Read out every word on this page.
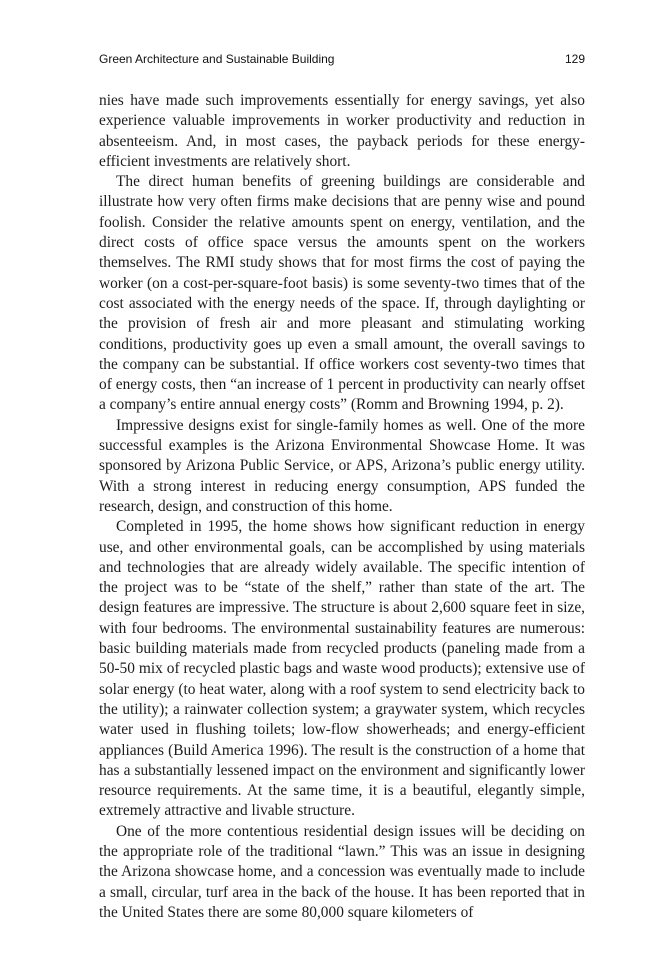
Green Architecture and Sustainable Building	129

nies have made such improvements essentially for energy savings, yet also experience valuable improvements in worker productivity and reduction in absenteeism. And, in most cases, the payback periods for these energy-efficient investments are relatively short.

The direct human benefits of greening buildings are considerable and illustrate how very often firms make decisions that are penny wise and pound foolish. Consider the relative amounts spent on energy, ventilation, and the direct costs of office space versus the amounts spent on the workers themselves. The RMI study shows that for most firms the cost of paying the worker (on a cost-per-square-foot basis) is some seventy-two times that of the cost associated with the energy needs of the space. If, through daylighting or the provision of fresh air and more pleasant and stimulating working conditions, productivity goes up even a small amount, the overall savings to the company can be substantial. If office workers cost seventy-two times that of energy costs, then “an increase of 1 percent in productivity can nearly offset a company’s entire annual energy costs” (Romm and Browning 1994, p. 2).

Impressive designs exist for single-family homes as well. One of the more successful examples is the Arizona Environmental Showcase Home. It was sponsored by Arizona Public Service, or APS, Arizona’s public energy utility. With a strong interest in reducing energy consumption, APS funded the research, design, and construction of this home.

Completed in 1995, the home shows how significant reduction in energy use, and other environmental goals, can be accomplished by using materials and technologies that are already widely available. The specific intention of the project was to be “state of the shelf,” rather than state of the art. The design features are impressive. The structure is about 2,600 square feet in size, with four bedrooms. The environmental sustainability features are numerous: basic building materials made from recycled products (paneling made from a 50-50 mix of recycled plastic bags and waste wood products); extensive use of solar energy (to heat water, along with a roof system to send electricity back to the utility); a rainwater collection system; a graywater system, which recycles water used in flushing toilets; low-flow showerheads; and energy-efficient appliances (Build America 1996). The result is the construction of a home that has a substantially lessened impact on the environment and significantly lower resource requirements. At the same time, it is a beautiful, elegantly simple, extremely attractive and livable structure.

One of the more contentious residential design issues will be deciding on the appropriate role of the traditional “lawn.” This was an issue in designing the Arizona showcase home, and a concession was eventually made to include a small, circular, turf area in the back of the house. It has been reported that in the United States there are some 80,000 square kilometers of
